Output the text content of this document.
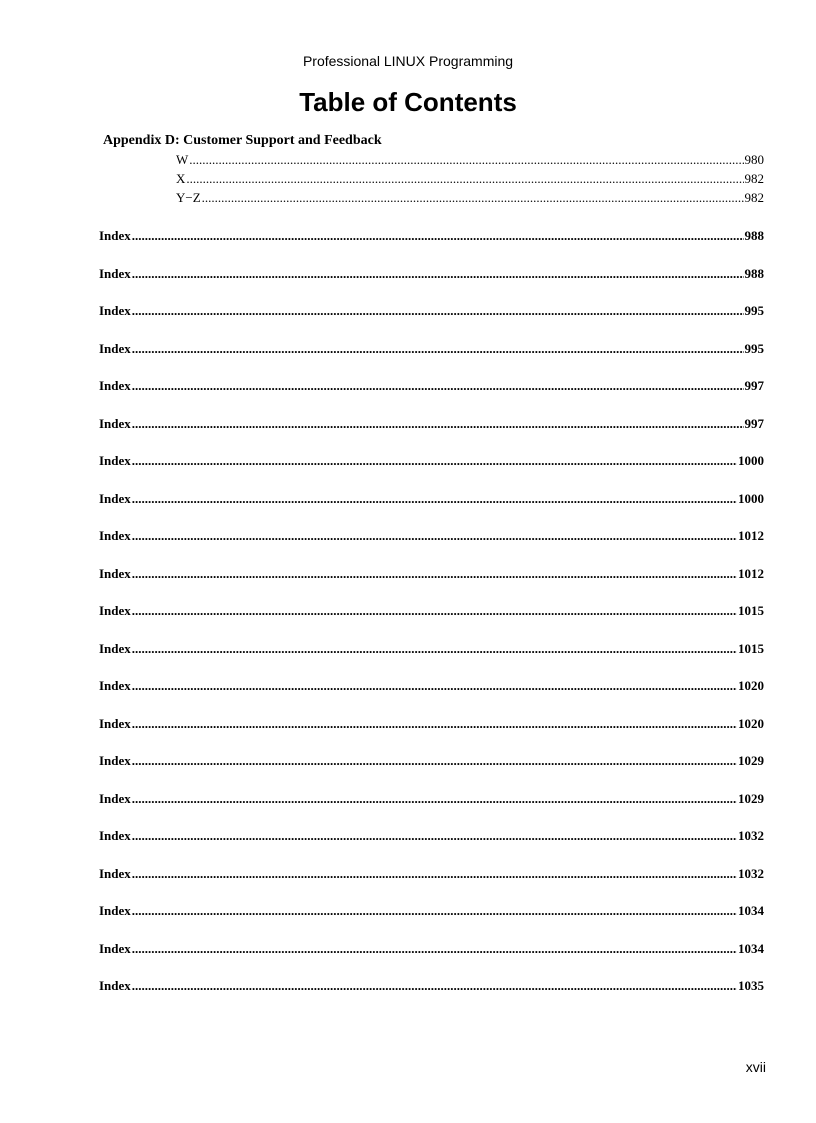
Professional LINUX Programming
Table of Contents
Appendix D: Customer Support and Feedback
W .....	980
X .....	982
Y−Z .....	982
Index .....	988
Index .....	988
Index .....	995
Index .....	995
Index .....	997
Index .....	997
Index .....	1000
Index .....	1000
Index .....	1012
Index .....	1012
Index .....	1015
Index .....	1015
Index .....	1020
Index .....	1020
Index .....	1029
Index .....	1029
Index .....	1032
Index .....	1032
Index .....	1034
Index .....	1034
Index .....	1035
xvii
